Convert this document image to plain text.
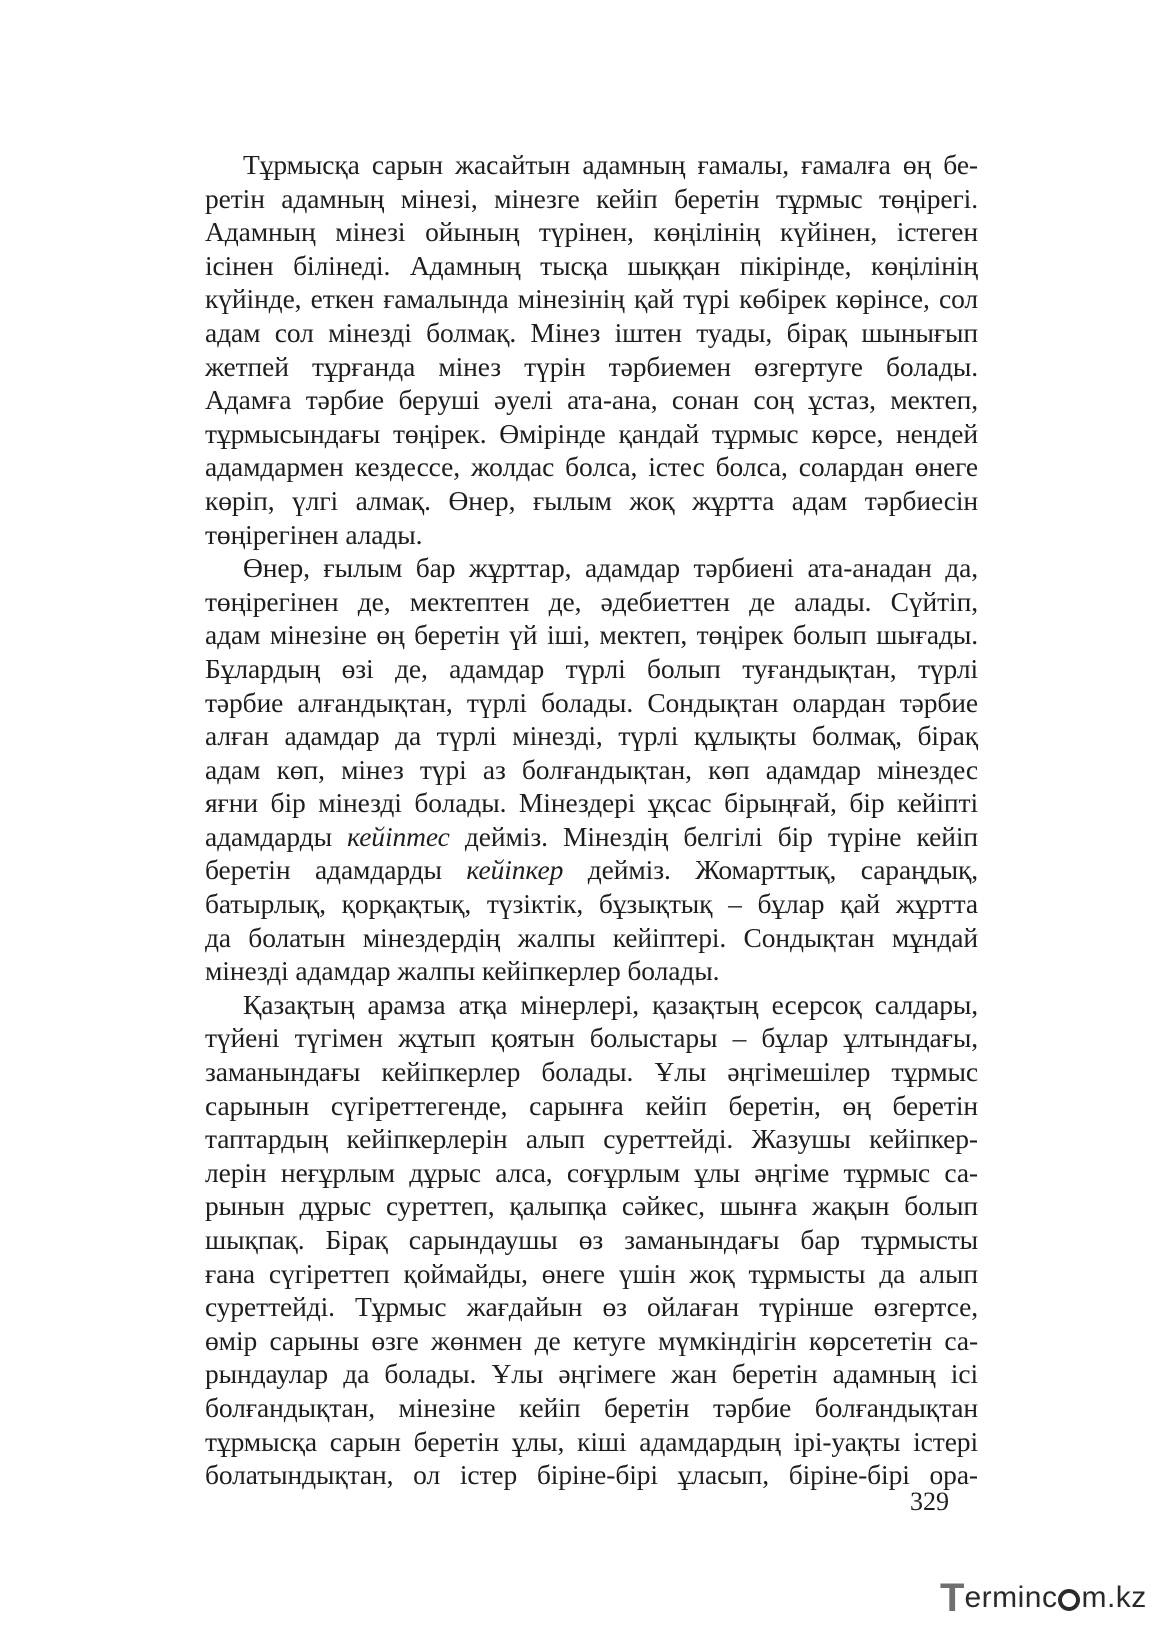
Тұрмысқа сарын жасайтын адамның ғамалы, ғамалға өң бе-
ретін адамның мінезі, мінезге кейіп беретін тұрмыс төңірегі.
Адамның мінезі ойының түрінен, көңілінің күйінен, істеген
ісінен білінеді. Адамның тысқа шыққан пікірінде, көңілінің
күйінде, еткен ғамалында мінезінің қай түрі көбірек көрінсе, сол
адам сол мінезді болмақ. Мінез іштен туады, бірақ шынығып
жетпей тұрғанда мінез түрін тәрбиемен өзгертуге болады.
Адамға тәрбие беруші әуелі ата-ана, сонан соң ұстаз, мектеп,
тұрмысындағы төңірек. Өмірінде қандай тұрмыс көрсе, нендей
адамдармен кездессе, жолдас болса, істес болса, солардан өнеге
көріп, үлгі алмақ. Өнер, ғылым жоқ жұртта адам тәрбиесін
төңірегінен алады.
Өнер, ғылым бар жұрттар, адамдар тәрбиені ата-анадан да,
төңірегінен де, мектептен де, әдебиеттен де алады. Сүйтіп,
адам мінезіне өң беретін үй іші, мектеп, төңірек болып шығады.
Бұлардың өзі де, адамдар түрлі болып туғандықтан, түрлі
тәрбие алғандықтан, түрлі болады. Сондықтан олардан тәрбие
алған адамдар да түрлі мінезді, түрлі құлықты болмақ, бірақ
адам көп, мінез түрі аз болғандықтан, көп адамдар мінездес
яғни бір мінезді болады. Мінездері ұқсас бірыңғай, бір кейіпті
адамдарды кейіптес дейміз. Мінездің белгілі бір түріне кейіп
беретін адамдарды кейіпкер дейміз. Жомарттық, сараңдық,
батырлық, қорқақтық, түзіктік, бұзықтық – бұлар қай жұртта
да болатын мінездердің жалпы кейіптері. Сондықтан мұндай
мінезді адамдар жалпы кейіпкерлер болады.
Қазақтың арамза атқа мінерлері, қазақтың есерсоқ салдары,
түйені түгімен жұтып қоятын болыстары – бұлар ұлтындағы,
заманындағы кейіпкерлер болады. Ұлы әңгімешілер тұрмыс
сарынын сүгіреттегенде, сарынға кейіп беретін, өң беретін
таптардың кейіпкерлерін алып суреттейді. Жазушы кейіпкер-
лерін неғұрлым дұрыс алса, соғұрлым ұлы әңгіме тұрмыс са-
рынын дұрыс суреттеп, қалыпқа сәйкес, шынға жақын болып
шықпақ. Бірақ сарындаушы өз заманындағы бар тұрмысты
ғана сүгіреттеп қоймайды, өнеге үшін жоқ тұрмысты да алып
суреттейді. Тұрмыс жағдайын өз ойлаған түрінше өзгертсе,
өмір сарыны өзге жөнмен де кетуге мүмкіндігін көрсететін са-
рындаулар да болады. Ұлы әңгімеге жан беретін адамның ісі
болғандықтан, мінезіне кейіп беретін тәрбие болғандықтан
тұрмысқа сарын беретін ұлы, кіші адамдардың ірі-уақты істері
болатындықтан, ол істер біріне-бірі ұласып, біріне-бірі ора-
329
T erminc m.kz
